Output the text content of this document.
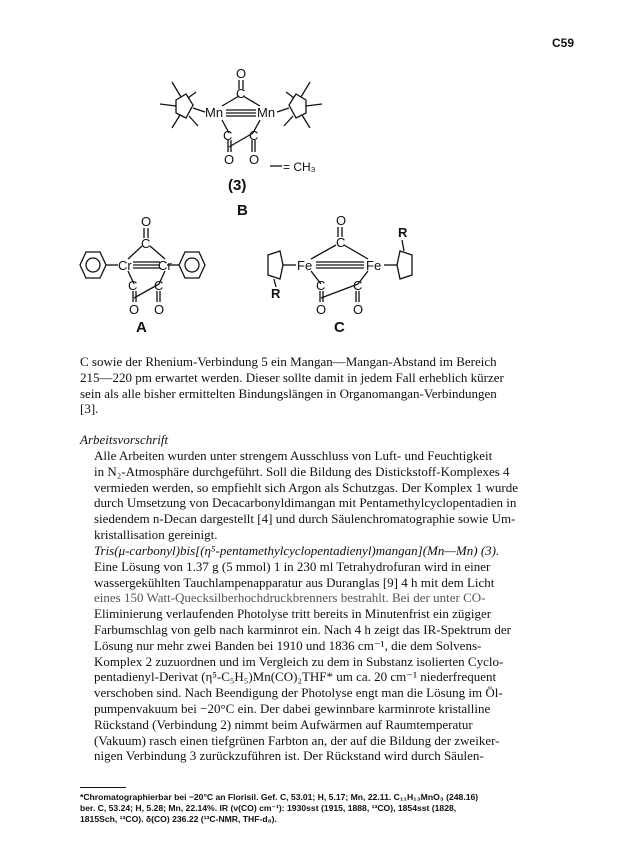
C59
O
C
Mn	Mn
C C
O O = CH₃
(3)
B
O
C
Cr Cr
C C
O O
A
O
C
Fe	Fe
C C
O O
R
R
C
C sowie der Rhenium-Verbindung 5 ein Mangan—Mangan-Abstand im Bereich
215—220 pm erwartet werden. Dieser sollte damit in jedem Fall erheblich kürzer
sein als alle bisher ermittelten Bindungslängen in Organomangan-Verbindungen
[3].
Arbeitsvorschrift
Alle Arbeiten wurden unter strengem Ausschluss von Luft- und Feuchtigkeit
in N₂-Atmosphäre durchgeführt. Soll die Bildung des Distickstoff-Komplexes 4
vermieden werden, so empfiehlt sich Argon als Schutzgas. Der Komplex 1 wurde
durch Umsetzung von Decacarbonyldimangan mit Pentamethylcyclopentadien in
siedendem n-Decan dargestellt [4] und durch Säulenchromatographie sowie Um-
kristallisation gereinigt.
Tris(μ-carbonyl)bis[(η⁵-pentamethylcyclopentadienyl)mangan](Mn—Mn) (3).
Eine Lösung von 1.37 g (5 mmol) 1 in 230 ml Tetrahydrofuran wird in einer
wassergekühlten Tauchlampenapparatur aus Duranglas [9] 4 h mit dem Licht
eines 150 Watt-Quecksilberhochdruckbrenners bestrahlt. Bei der unter CO-
Eliminierung verlaufenden Photolyse tritt bereits in Minutenfrist ein zügiger
Farbumschlag von gelb nach karminrot ein. Nach 4 h zeigt das IR-Spektrum der
Lösung nur mehr zwei Banden bei 1910 und 1836 cm⁻¹, die dem Solvens-
Komplex 2 zuzuordnen und im Vergleich zu dem in Substanz isolierten Cyclo-
pentadienyl-Derivat (η⁵-C₅H₅)Mn(CO)₂THF* um ca. 20 cm⁻¹ niederfrequent
verschoben sind. Nach Beendigung der Photolyse engt man die Lösung im Öl-
pumpenvakuum bei −20°C ein. Der dabei gewinnbare karminrote kristalline
Rückstand (Verbindung 2) nimmt beim Aufwärmen auf Raumtemperatur
(Vakuum) rasch einen tiefgrünen Farbton an, der auf die Bildung der zweiker-
nigen Verbindung 3 zurückzuführen ist. Der Rückstand wird durch Säulen-
*Chromatographierbar bei −20°C an Florisil. Gef. C, 53.01; H, 5.17; Mn, 22.11. C₁₁H₁₃MnO₃ (248.16)
ber. C, 53.24; H, 5.28; Mn, 22.14%. IR (ν(CO) cm⁻¹): 1930sst (1915, 1888, ¹³CO), 1854sst (1828,
1815Sch, ¹³CO). δ(CO) 236.22 (¹³C-NMR, THF-d₈).
